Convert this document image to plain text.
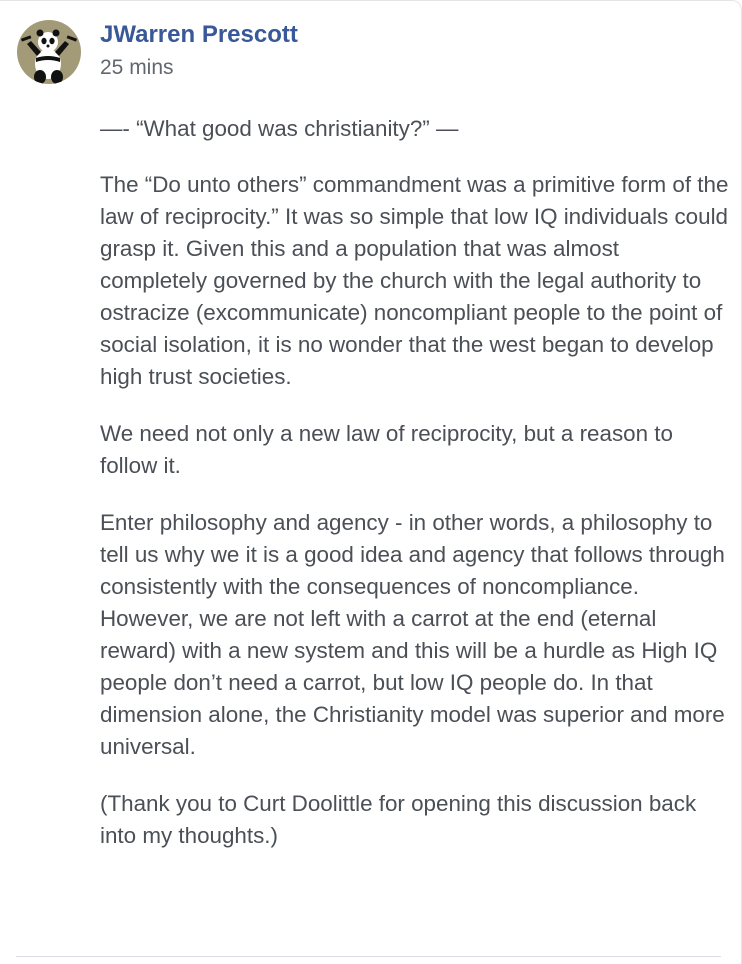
JWarren Prescott
25 mins

—- “What good was christianity?” —

The “Do unto others” commandment was a primitive form of the law of reciprocity.” It was so simple that low IQ individuals could grasp it. Given this and a population that was almost completely governed by the church with the legal authority to ostracize (excommunicate) noncompliant people to the point of social isolation, it is no wonder that the west began to develop high trust societies.

We need not only a new law of reciprocity, but a reason to follow it.

Enter philosophy and agency - in other words, a philosophy to tell us why we it is a good idea and agency that follows through consistently with the consequences of noncompliance. However, we are not left with a carrot at the end (eternal reward) with a new system and this will be a hurdle as High IQ people don’t need a carrot, but low IQ people do. In that dimension alone, the Christianity model was superior and more universal.

(Thank you to Curt Doolittle for opening this discussion back into my thoughts.)
